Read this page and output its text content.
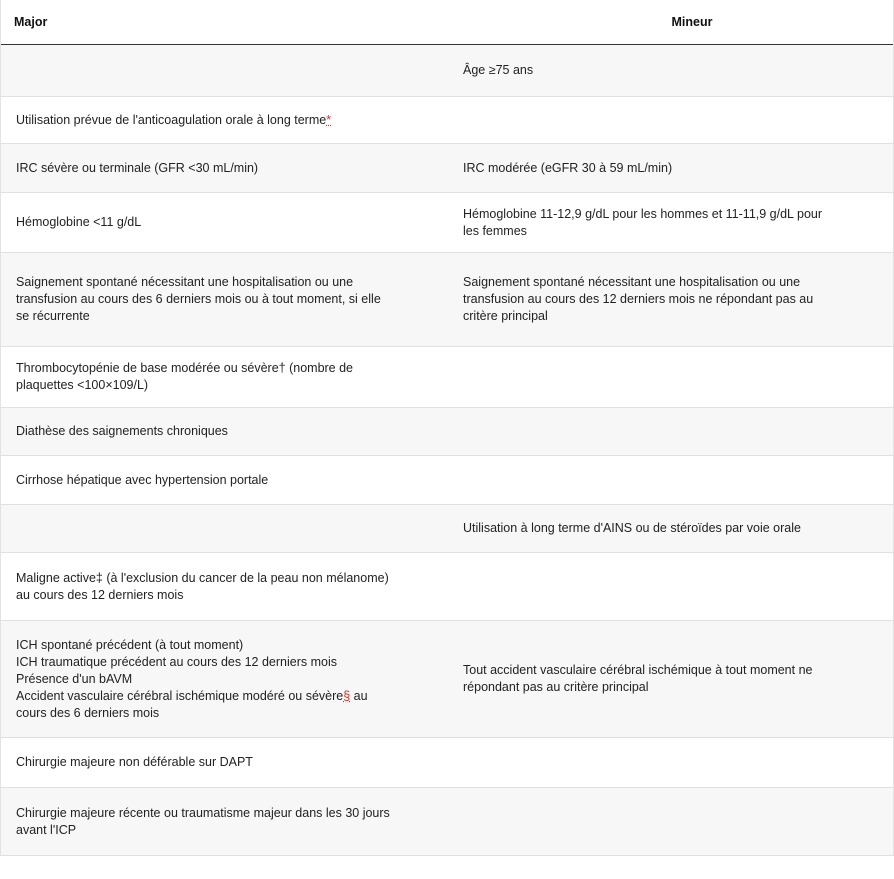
Major	Mineur
Âge ≥75 ans
Utilisation prévue de l'anticoagulation orale à long terme*
IRC sévère ou terminale (GFR <30 mL/min)	IRC modérée (eGFR 30 à 59 mL/min)
Hémoglobine <11 g/dL
Hémoglobine 11-12,9 g/dL pour les hommes et 11-11,9 g/dL pour
les femmes
Saignement spontané nécessitant une hospitalisation ou une
transfusion au cours des 6 derniers mois ou à tout moment, si elle
se récurrente
Saignement spontané nécessitant une hospitalisation ou une
transfusion au cours des 12 derniers mois ne répondant pas au
critère principal
Thrombocytopénie de base modérée ou sévère† (nombre de
plaquettes <100×109/L)
Diathèse des saignements chroniques
Cirrhose hépatique avec hypertension portale
Utilisation à long terme d'AINS ou de stéroïdes par voie orale
Maligne active‡ (à l'exclusion du cancer de la peau non mélanome)
au cours des 12 derniers mois
ICH spontané précédent (à tout moment)
ICH traumatique précédent au cours des 12 derniers mois
Présence d'un bAVM
Accident vasculaire cérébral ischémique modéré ou sévère§ au
cours des 6 derniers mois
Tout accident vasculaire cérébral ischémique à tout moment ne
répondant pas au critère principal
Chirurgie majeure non déférable sur DAPT
Chirurgie majeure récente ou traumatisme majeur dans les 30 jours
avant l'ICP
